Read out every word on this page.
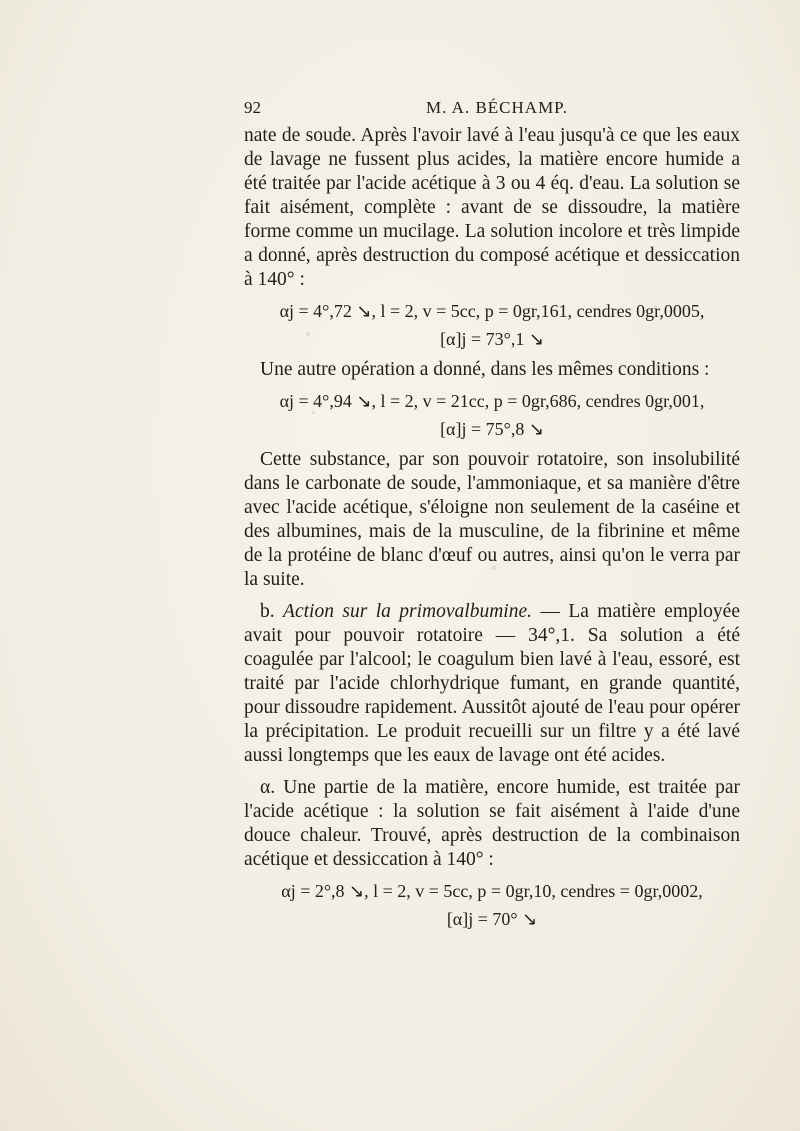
92	M. A. BÉCHAMP.

nate de soude. Après l'avoir lavé à l'eau jusqu'à ce que les eaux de lavage ne fussent plus acides, la matière encore humide a été traitée par l'acide acétique à 3 ou 4 éq. d'eau. La solution se fait aisément, complète : avant de se dissoudre, la matière forme comme un mucilage. La solution incolore et très limpide a donné, après destruction du composé acétique et dessiccation à 140° :

αj = 4°,72 ↘, l = 2, v = 5cc, p = 0gr,161, cendres 0gr,0005,
[α]j = 73°,1 ↘

Une autre opération a donné, dans les mêmes conditions :

αj = 4°,94 ↘, l = 2, v = 21cc, p = 0gr,686, cendres 0gr,001,
[α]j = 75°,8 ↘

Cette substance, par son pouvoir rotatoire, son insolubilité dans le carbonate de soude, l'ammoniaque, et sa manière d'être avec l'acide acétique, s'éloigne non seulement de la caséine et des albumines, mais de la musculine, de la fibrinine et même de la protéine de blanc d'œuf ou autres, ainsi qu'on le verra par la suite.

b. Action sur la primovalbumine. — La matière employée avait pour pouvoir rotatoire — 34°,1. Sa solution a été coagulée par l'alcool; le coagulum bien lavé à l'eau, essoré, est traité par l'acide chlorhydrique fumant, en grande quantité, pour dissoudre rapidement. Aussitôt ajouté de l'eau pour opérer la précipitation. Le produit recueilli sur un filtre y a été lavé aussi longtemps que les eaux de lavage ont été acides.

α. Une partie de la matière, encore humide, est traitée par l'acide acétique : la solution se fait aisément à l'aide d'une douce chaleur. Trouvé, après destruction de la combinaison acétique et dessiccation à 140° :

αj = 2°,8 ↘, l = 2, v = 5cc, p = 0gr,10, cendres = 0gr,0002,
[α]j = 70° ↘
